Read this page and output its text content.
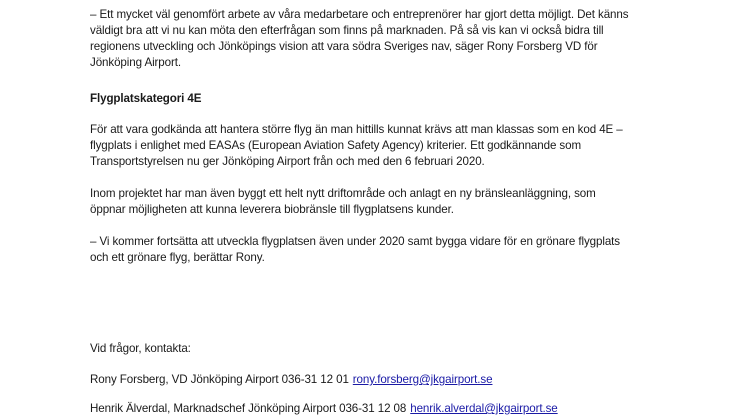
– Ett mycket väl genomfört arbete av våra medarbetare och entreprenörer har gjort detta möjligt. Det känns
väldigt bra att vi nu kan möta den efterfrågan som finns på marknaden. På så vis kan vi också bidra till
regionens utveckling och Jönköpings vision att vara södra Sveriges nav, säger Rony Forsberg VD för
Jönköping Airport.
Flygplatskategori 4E
För att vara godkända att hantera större flyg än man hittills kunnat krävs att man klassas som en kod 4E –
flygplats i enlighet med EASAs (European Aviation Safety Agency) kriterier. Ett godkännande som
Transportstyrelsen nu ger Jönköping Airport från och med den 6 februari 2020.
Inom projektet har man även byggt ett helt nytt driftområde och anlagt en ny bränsleanläggning, som
öppnar möjligheten att kunna leverera biobränsle till flygplatsens kunder.
– Vi kommer fortsätta att utveckla flygplatsen även under 2020 samt bygga vidare för en grönare flygplats
och ett grönare flyg, berättar Rony.
Vid frågor, kontakta:
Rony Forsberg, VD Jönköping Airport 036-31 12 01 rony.forsberg@jkgairport.se
Henrik Älverdal, Marknadschef Jönköping Airport 036-31 12 08 henrik.alverdal@jkgairport.se
